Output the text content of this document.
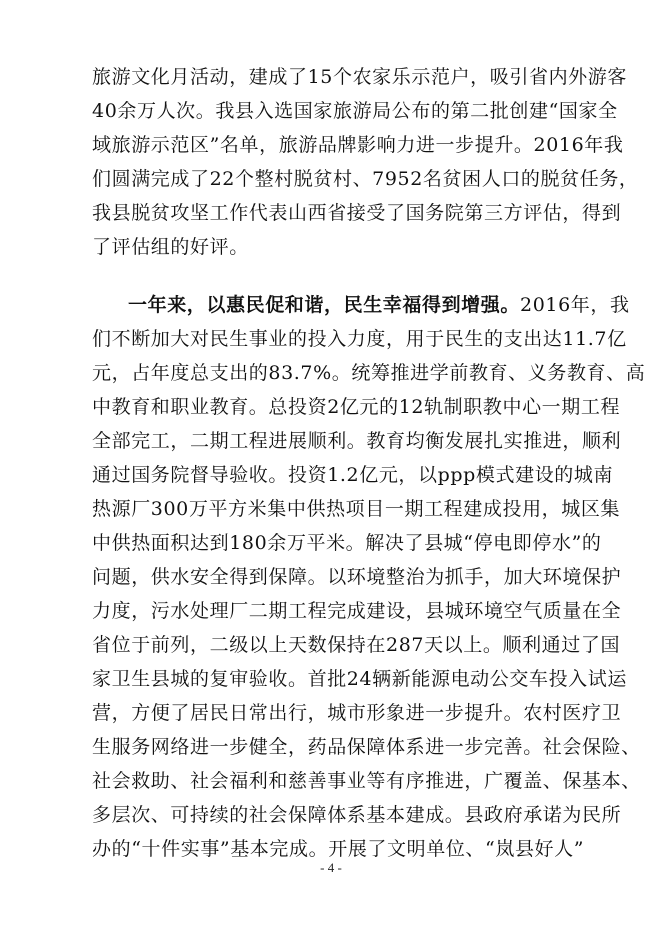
旅游文化月活动，建成了15个农家乐示范户，吸引省内外游客
40余万人次。我县入选国家旅游局公布的第二批创建“国家全
域旅游示范区”名单，旅游品牌影响力进一步提升。2016年我
们圆满完成了22个整村脱贫村、7952名贫困人口的脱贫任务，
我县脱贫攻坚工作代表山西省接受了国务院第三方评估，得到
了评估组的好评。
一年来，以惠民促和谐，民生幸福得到增强。2016年，我
们不断加大对民生事业的投入力度，用于民生的支出达11.7亿
元，占年度总支出的83.7%。统筹推进学前教育、义务教育、高
中教育和职业教育。总投资2亿元的12轨制职教中心一期工程
全部完工，二期工程进展顺利。教育均衡发展扎实推进，顺利
通过国务院督导验收。投资1.2亿元，以ppp模式建设的城南
热源厂300万平方米集中供热项目一期工程建成投用，城区集
中供热面积达到180余万平米。解决了县城“停电即停水”的
问题，供水安全得到保障。以环境整治为抓手，加大环境保护
力度，污水处理厂二期工程完成建设，县城环境空气质量在全
省位于前列，二级以上天数保持在287天以上。顺利通过了国
家卫生县城的复审验收。首批24辆新能源电动公交车投入试运
营，方便了居民日常出行，城市形象进一步提升。农村医疗卫
生服务网络进一步健全，药品保障体系进一步完善。社会保险、
社会救助、社会福利和慈善事业等有序推进，广覆盖、保基本、
多层次、可持续的社会保障体系基本建成。县政府承诺为民所
办的“十件实事”基本完成。开展了文明单位、“岚县好人”
- 4 -
